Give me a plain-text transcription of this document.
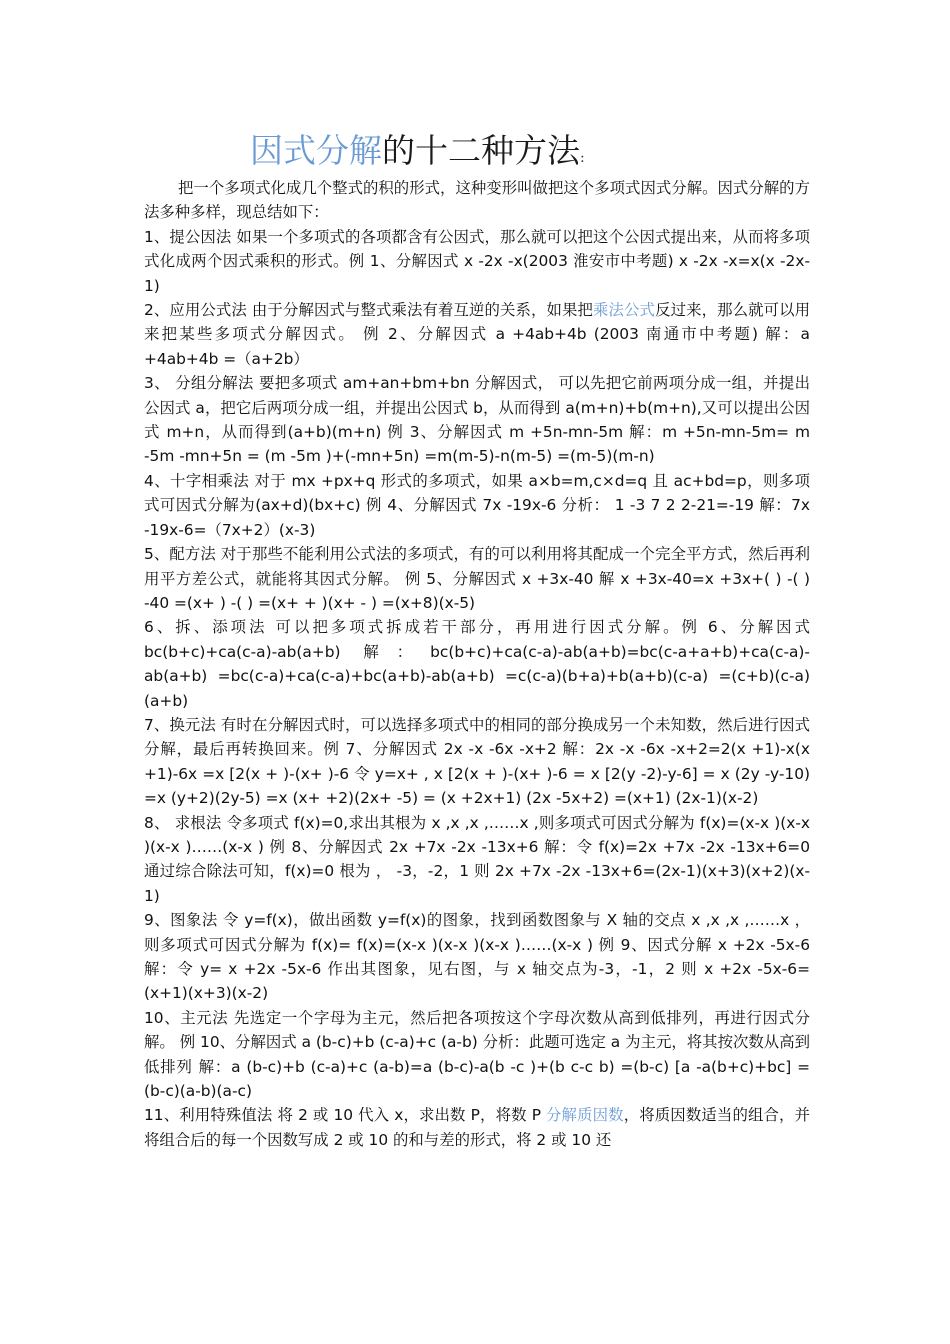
因式分解的十二种方法:

把一个多项式化成几个整式的积的形式，这种变形叫做把这个多项式因式分解。因式分解的方法多种多样，现总结如下：

1、提公因法 如果一个多项式的各项都含有公因式，那么就可以把这个公因式提出来，从而将多项式化成两个因式乘积的形式。例 1、分解因式 x -2x -x(2003 淮安市中考题) x -2x -x=x(x -2x-1)

2、应用公式法 由于分解因式与整式乘法有着互逆的关系，如果把乘法公式反过来，那么就可以用来把某些多项式分解因式。 例 2、分解因式 a +4ab+4b (2003 南通市中考题) 解：a +4ab+4b =（a+2b）

3、 分组分解法 要把多项式 am+an+bm+bn 分解因式， 可以先把它前两项分成一组，并提出公因式 a，把它后两项分成一组，并提出公因式 b，从而得到 a(m+n)+b(m+n),又可以提出公因式 m+n，从而得到(a+b)(m+n) 例 3、分解因式 m +5n-mn-5m 解：m +5n-mn-5m= m -5m -mn+5n = (m -5m )+(-mn+5n) =m(m-5)-n(m-5) =(m-5)(m-n)

4、十字相乘法 对于 mx +px+q 形式的多项式，如果 a×b=m,c×d=q 且 ac+bd=p，则多项式可因式分解为(ax+d)(bx+c) 例 4、分解因式 7x -19x-6 分析： 1 -3 7 2 2-21=-19 解：7x -19x-6=（7x+2）(x-3)

5、配方法 对于那些不能利用公式法的多项式，有的可以利用将其配成一个完全平方式，然后再利用平方差公式，就能将其因式分解。 例 5、分解因式 x +3x-40 解 x +3x-40=x +3x+( ) -( ) -40 =(x+ ) -( ) =(x+ + )(x+ - ) =(x+8)(x-5)

6、拆、添项法 可以把多项式拆成若干部分，再用进行因式分解。例 6、分解因式 bc(b+c)+ca(c-a)-ab(a+b) 解：bc(b+c)+ca(c-a)-ab(a+b)=bc(c-a+a+b)+ca(c-a)-ab(a+b) =bc(c-a)+ca(c-a)+bc(a+b)-ab(a+b) =c(c-a)(b+a)+b(a+b)(c-a) =(c+b)(c-a)(a+b)

7、换元法 有时在分解因式时，可以选择多项式中的相同的部分换成另一个未知数，然后进行因式分解，最后再转换回来。例 7、分解因式 2x -x -6x -x+2 解：2x -x -6x -x+2=2(x +1)-x(x +1)-6x =x [2(x + )-(x+ )-6 令 y=x+ , x [2(x + )-(x+ )-6 = x [2(y -2)-y-6] = x (2y -y-10) =x (y+2)(2y-5) =x (x+ +2)(2x+ -5) = (x +2x+1) (2x -5x+2) =(x+1) (2x-1)(x-2)

8、 求根法 令多项式 f(x)=0,求出其根为 x ,x ,x ,……x ,则多项式可因式分解为 f(x)=(x-x )(x-x )(x-x )……(x-x ) 例 8、分解因式 2x +7x -2x -13x+6 解：令 f(x)=2x +7x -2x -13x+6=0 通过综合除法可知，f(x)=0 根为 ， -3，-2，1 则 2x +7x -2x -13x+6=(2x-1)(x+3)(x+2)(x-1)

9、图象法 令 y=f(x)，做出函数 y=f(x)的图象，找到函数图象与 X 轴的交点 x ,x ,x ,……x ， 则多项式可因式分解为 f(x)= f(x)=(x-x )(x-x )(x-x )……(x-x ) 例 9、因式分解 x +2x -5x-6 解：令 y= x +2x -5x-6 作出其图象，见右图，与 x 轴交点为-3，-1，2 则 x +2x -5x-6=(x+1)(x+3)(x-2)

10、主元法 先选定一个字母为主元，然后把各项按这个字母次数从高到低排列，再进行因式分解。 例 10、分解因式 a (b-c)+b (c-a)+c (a-b) 分析：此题可选定 a 为主元，将其按次数从高到低排列 解：a (b-c)+b (c-a)+c (a-b)=a (b-c)-a(b -c )+(b c-c b) =(b-c) [a -a(b+c)+bc] =(b-c)(a-b)(a-c)

11、利用特殊值法 将 2 或 10 代入 x，求出数 P，将数 P 分解质因数，将质因数适当的组合，并将组合后的每一个因数写成 2 或 10 的和与差的形式，将 2 或 10 还
